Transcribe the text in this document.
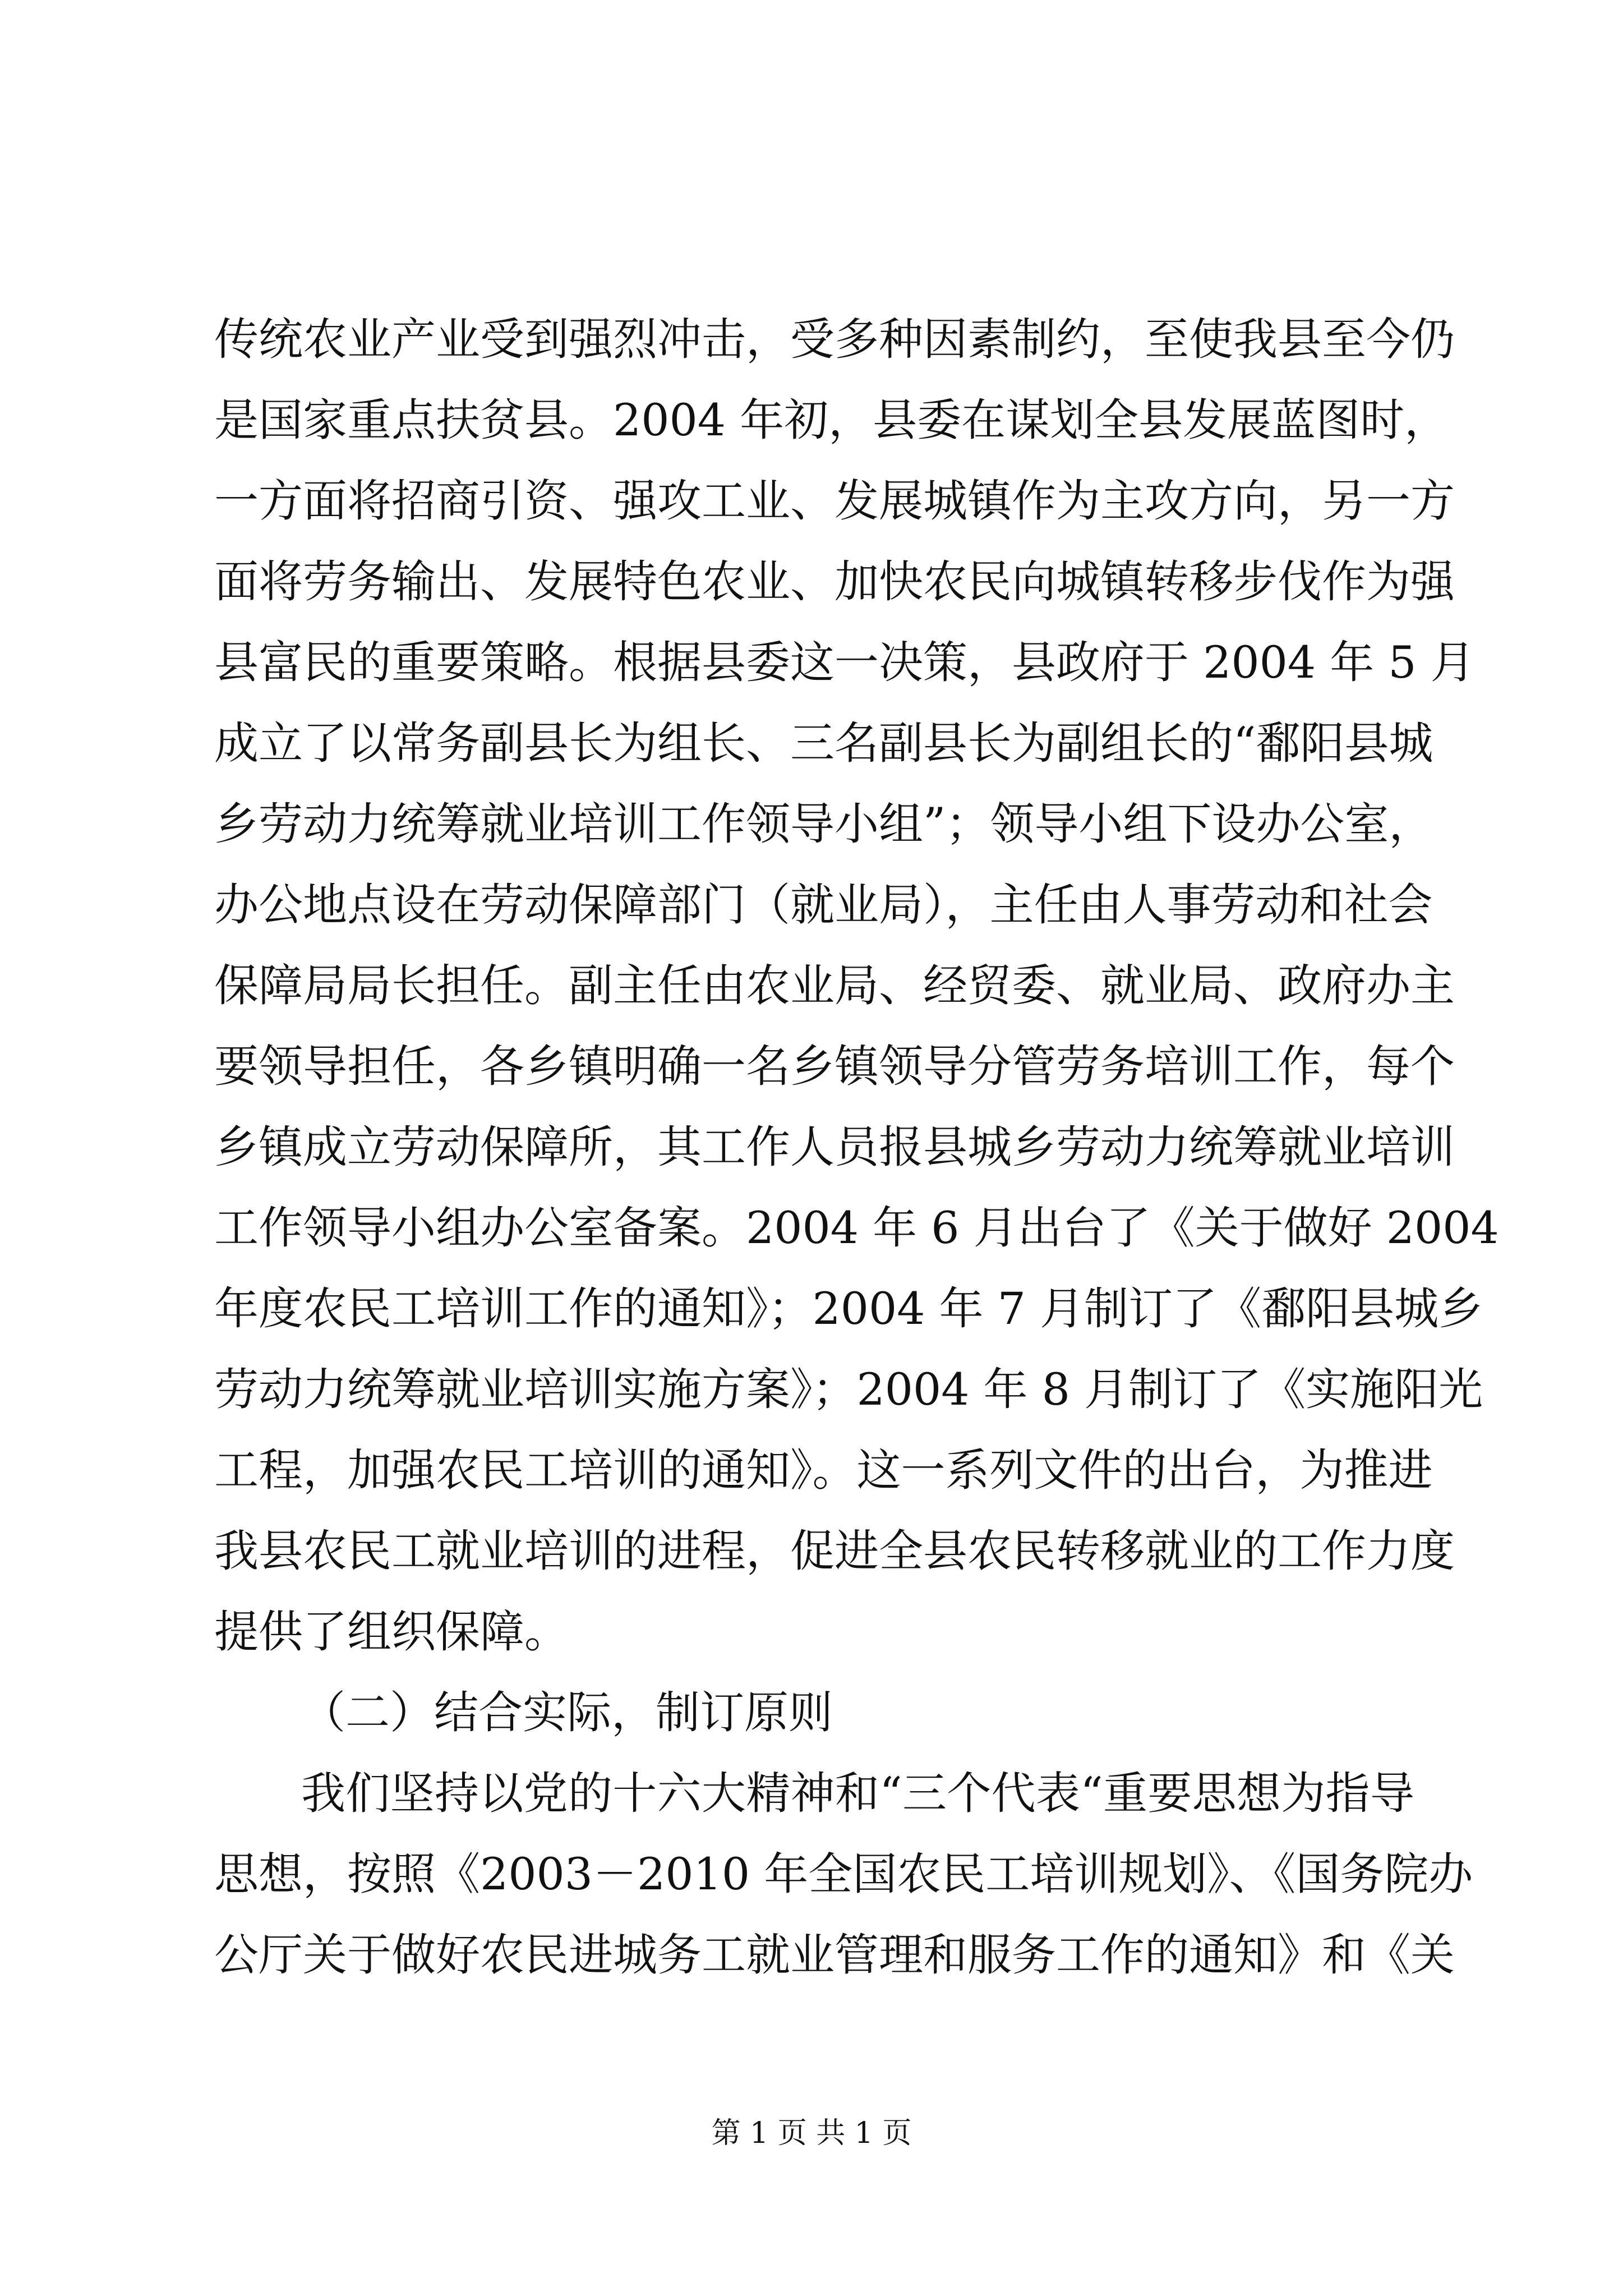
传统农业产业受到强烈冲击，受多种因素制约，至使我县至今仍
是国家重点扶贫县。2004 年初，县委在谋划全县发展蓝图时，
一方面将招商引资、强攻工业、发展城镇作为主攻方向，另一方
面将劳务输出、发展特色农业、加快农民向城镇转移步伐作为强
县富民的重要策略。根据县委这一决策，县政府于 2004 年 5 月
成立了以常务副县长为组长、三名副县长为副组长的“鄱阳县城
乡劳动力统筹就业培训工作领导小组”；领导小组下设办公室，
办公地点设在劳动保障部门（就业局），主任由人事劳动和社会
保障局局长担任。副主任由农业局、经贸委、就业局、政府办主
要领导担任，各乡镇明确一名乡镇领导分管劳务培训工作，每个
乡镇成立劳动保障所，其工作人员报县城乡劳动力统筹就业培训
工作领导小组办公室备案。2004 年 6 月出台了《关于做好 2004
年度农民工培训工作的通知》；2004 年 7 月制订了《鄱阳县城乡
劳动力统筹就业培训实施方案》；2004 年 8 月制订了《实施阳光
工程，加强农民工培训的通知》。这一系列文件的出台，为推进
我县农民工就业培训的进程，促进全县农民转移就业的工作力度
提供了组织保障。
（二）结合实际，制订原则
我们坚持以党的十六大精神和“三个代表“重要思想为指导
思想，按照《2003－2010 年全国农民工培训规划》、《国务院办
公厅关于做好农民进城务工就业管理和服务工作的通知》和《关
第 1 页 共 1 页
